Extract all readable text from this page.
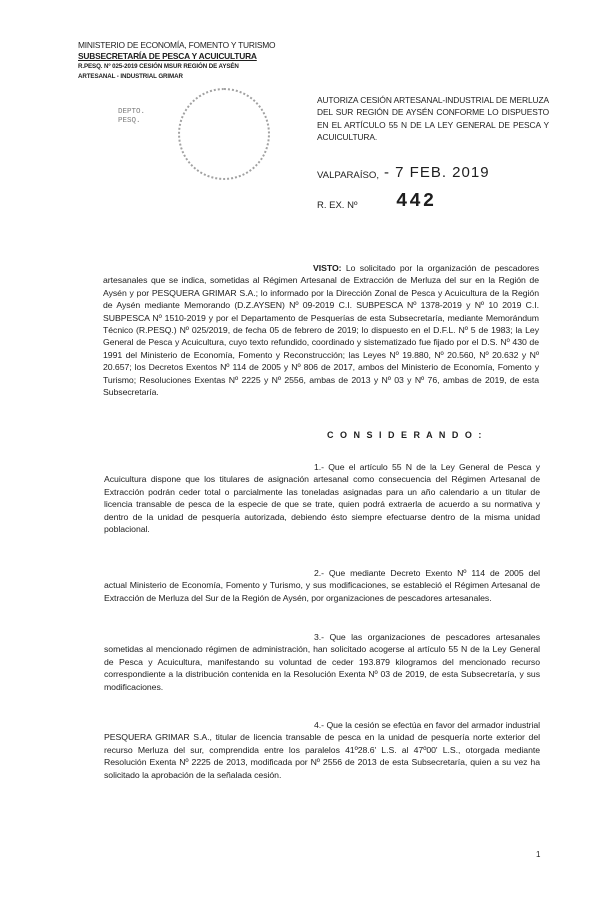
MINISTERIO DE ECONOMÍA, FOMENTO Y TURISMO
SUBSECRETARÍA DE PESCA Y ACUICULTURA
R.PESQ. Nº 025-2019 CESIÓN MSUR REGIÓN DE AYSÉN
ARTESANAL - INDUSTRIAL GRIMAR
DEPTO.
PESQ.
AUTORIZA CESIÓN ARTESANAL-INDUSTRIAL DE MERLUZA DEL SUR REGIÓN DE AYSÉN CONFORME LO DISPUESTO EN EL ARTÍCULO 55 N DE LA LEY GENERAL DE PESCA Y ACUICULTURA.
VALPARAÍSO, - 7 FEB. 2019
R. EX. Nº 442
VISTO: Lo solicitado por la organización de pescadores artesanales que se indica, sometidas al Régimen Artesanal de Extracción de Merluza del sur en la Región de Aysén y por PESQUERA GRIMAR S.A.; lo informado por la Dirección Zonal de Pesca y Acuicultura de la Región de Aysén mediante Memorando (D.Z.AYSEN) Nº 09-2019 C.I. SUBPESCA Nº 1378-2019 y Nº 10 2019 C.I. SUBPESCA Nº 1510-2019 y por el Departamento de Pesquerías de esta Subsecretaría, mediante Memorándum Técnico (R.PESQ.) Nº 025/2019, de fecha 05 de febrero de 2019; lo dispuesto en el D.F.L. Nº 5 de 1983; la Ley General de Pesca y Acuicultura, cuyo texto refundido, coordinado y sistematizado fue fijado por el D.S. Nº 430 de 1991 del Ministerio de Economía, Fomento y Reconstrucción; las Leyes Nº 19.880, Nº 20.560, Nº 20.632 y Nº 20.657; los Decretos Exentos Nº 114 de 2005 y Nº 806 de 2017, ambos del Ministerio de Economía, Fomento y Turismo; Resoluciones Exentas Nº 2225 y Nº 2556, ambas de 2013 y Nº 03 y Nº 76, ambas de 2019, de esta Subsecretaría.
C O N S I D E R A N D O :
1.- Que el artículo 55 N de la Ley General de Pesca y Acuicultura dispone que los titulares de asignación artesanal como consecuencia del Régimen Artesanal de Extracción podrán ceder total o parcialmente las toneladas asignadas para un año calendario a un titular de licencia transable de pesca de la especie de que se trate, quien podrá extraerla de acuerdo a su normativa y dentro de la unidad de pesquería autorizada, debiendo ésto siempre efectuarse dentro de la misma unidad poblacional.
2.- Que mediante Decreto Exento Nº 114 de 2005 del actual Ministerio de Economía, Fomento y Turismo, y sus modificaciones, se estableció el Régimen Artesanal de Extracción de Merluza del Sur de la Región de Aysén, por organizaciones de pescadores artesanales.
3.- Que las organizaciones de pescadores artesanales sometidas al mencionado régimen de administración, han solicitado acogerse al artículo 55 N de la Ley General de Pesca y Acuicultura, manifestando su voluntad de ceder 193.879 kilogramos del mencionado recurso correspondiente a la distribución contenida en la Resolución Exenta Nº 03 de 2019, de esta Subsecretaría, y sus modificaciones.
4.- Que la cesión se efectúa en favor del armador industrial PESQUERA GRIMAR S.A., titular de licencia transable de pesca en la unidad de pesquería norte exterior del recurso Merluza del sur, comprendida entre los paralelos 41º28.6' L.S. al 47º00' L.S., otorgada mediante Resolución Exenta Nº 2225 de 2013, modificada por Nº 2556 de 2013 de esta Subsecretaría, quien a su vez ha solicitado la aprobación de la señalada cesión.
1
